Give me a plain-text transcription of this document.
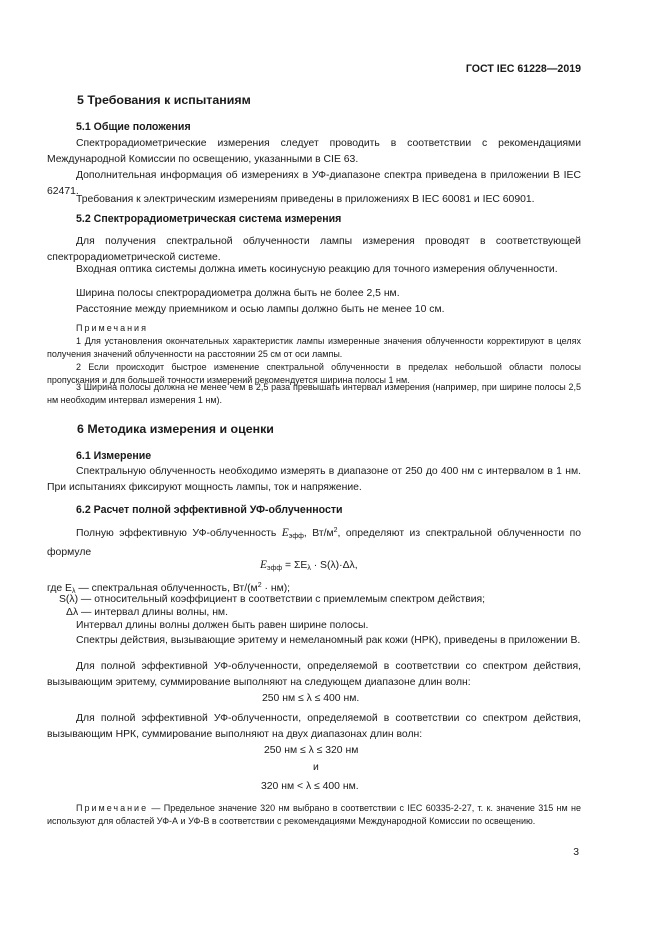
ГОСТ IEC 61228—2019
5 Требования к испытаниям
5.1 Общие положения
Спектрорадиометрические измерения следует проводить в соответствии с рекомендациями Международной Комиссии по освещению, указанными в CIE 63.
Дополнительная информация об измерениях в УФ-диапазоне спектра приведена в приложении В IEC 62471.
Требования к электрическим измерениям приведены в приложениях B IEC 60081 и IEC 60901.
5.2 Спектрорадиометрическая система измерения
Для получения спектральной облученности лампы измерения проводят в соответствующей спектрорадиометрической системе.
Входная оптика системы должна иметь косинусную реакцию для точного измерения облученности.
Ширина полосы спектрорадиометра должна быть не более 2,5 нм.
Расстояние между приемником и осью лампы должно быть не менее 10 см.
Примечания
1 Для установления окончательных характеристик лампы измеренные значения облученности корректируют в целях получения значений облученности на расстоянии 25 см от оси лампы.
2 Если происходит быстрое изменение спектральной облученности в пределах небольшой области полосы пропускания и для большей точности измерений рекомендуется ширина полосы 1 нм.
3 Ширина полосы должна не менее чем в 2,5 раза превышать интервал измерения (например, при ширине полосы 2,5 нм необходим интервал измерения 1 нм).
6 Методика измерения и оценки
6.1 Измерение
Спектральную облученность необходимо измерять в диапазоне от 250 до 400 нм с интервалом в 1 нм. При испытаниях фиксируют мощность лампы, ток и напряжение.
6.2 Расчет полной эффективной УФ-облученности
Полную эффективную УФ-облученность $E_{эфф}$, $Вт/м^2$, определяют из спектральной облученности по формуле
$E_{эфф} = \Sigma E_\lambda \cdot S(\lambda)\cdot\Delta\lambda$,
где $E_\lambda$ — спектральная облученность, $Вт/(м^2 \cdot нм)$;
S(λ) — относительный коэффициент в соответствии с приемлемым спектром действия;
Δλ — интервал длины волны, нм.
Интервал длины волны должен быть равен ширине полосы.
Спектры действия, вызывающие эритему и немеланомный рак кожи (НРК), приведены в приложении В.
Для полной эффективной УФ-облученности, определяемой в соответствии со спектром действия, вызывающим эритему, суммирование выполняют на следующем диапазоне длин волн:
250 нм ≤ λ ≤ 400 нм.
Для полной эффективной УФ-облученности, определяемой в соответствии со спектром действия, вызывающим НРК, суммирование выполняют на двух диапазонах длин волн:
250 нм ≤ λ ≤ 320 нм
и
320 нм < λ ≤ 400 нм.
Примечание — Предельное значение 320 нм выбрано в соответствии с IEC 60335-2-27, т. к. значение 315 нм не используют для областей УФ-А и УФ-В в соответствии с рекомендациями Международной Комиссии по освещению.
3
